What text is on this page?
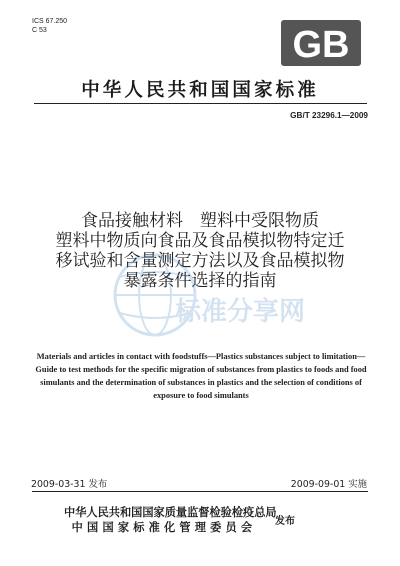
ICS 67.250
C 53	GB
中华人民共和国国家标准
GB/T 23296.1—2009
食品接触材料　塑料中受限物质
塑料中物质向食品及食品模拟物特定迁
移试验和含量测定方法以及食品模拟物
暴露条件选择的指南
标准分享网
Materials and articles in contact with foodstuffs—Plastics substances subject to limitation—Guide to test methods for the specific migration of substances from plastics to foods and food simulants and the determination of substances in plastics and the selection of conditions of exposure to food simulants
2009-03-31 发布	2009-09-01 实施
中华人民共和国国家质量监督检验检疫总局
中国国家标准化管理委员会	发布
